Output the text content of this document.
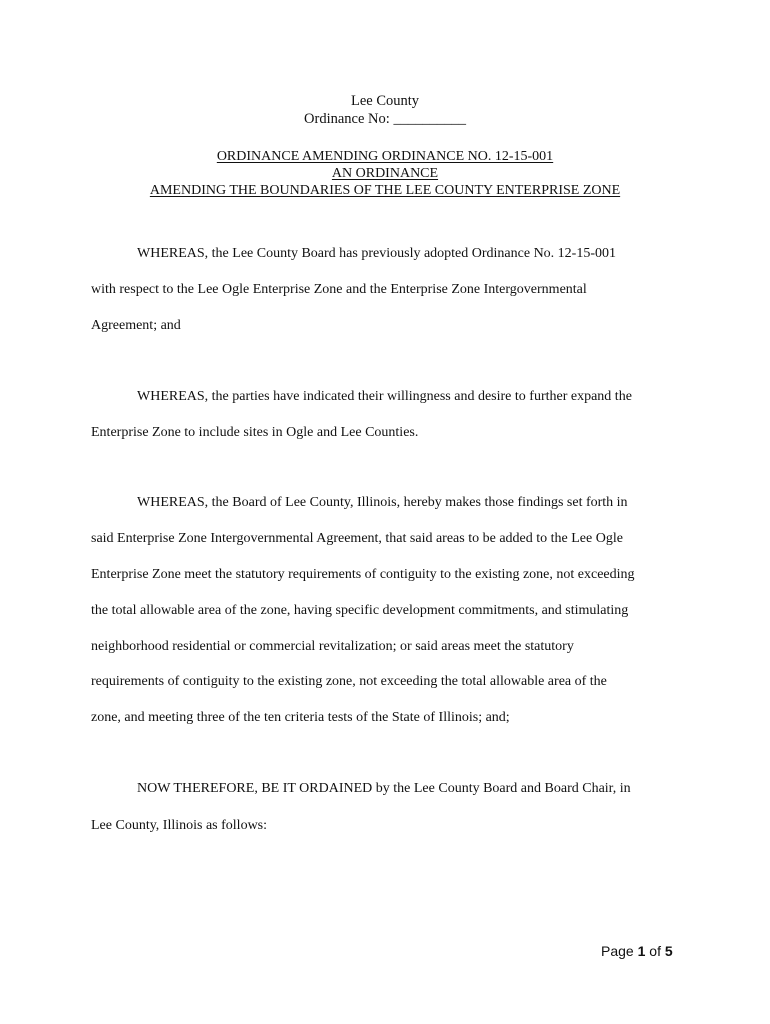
Lee County
Ordinance No: __________
ORDINANCE AMENDING ORDINANCE NO. 12-15-001
AN ORDINANCE
AMENDING THE BOUNDARIES OF THE LEE COUNTY ENTERPRISE ZONE
WHEREAS, the Lee County Board has previously adopted Ordinance No. 12-15-001
with respect to the Lee Ogle Enterprise Zone and the Enterprise Zone Intergovernmental
Agreement; and
WHEREAS, the parties have indicated their willingness and desire to further expand the
Enterprise Zone to include sites in Ogle and Lee Counties.
WHEREAS, the Board of Lee County, Illinois, hereby makes those findings set forth in
said Enterprise Zone Intergovernmental Agreement, that said areas to be added to the Lee Ogle
Enterprise Zone meet the statutory requirements of contiguity to the existing zone, not exceeding
the total allowable area of the zone, having specific development commitments, and stimulating
neighborhood residential or commercial revitalization; or said areas meet the statutory
requirements of contiguity to the existing zone, not exceeding the total allowable area of the
zone, and meeting three of the ten criteria tests of the State of Illinois; and;
NOW THEREFORE, BE IT ORDAINED by the Lee County Board and Board Chair, in
Lee County, Illinois as follows:
Page 1 of 5
